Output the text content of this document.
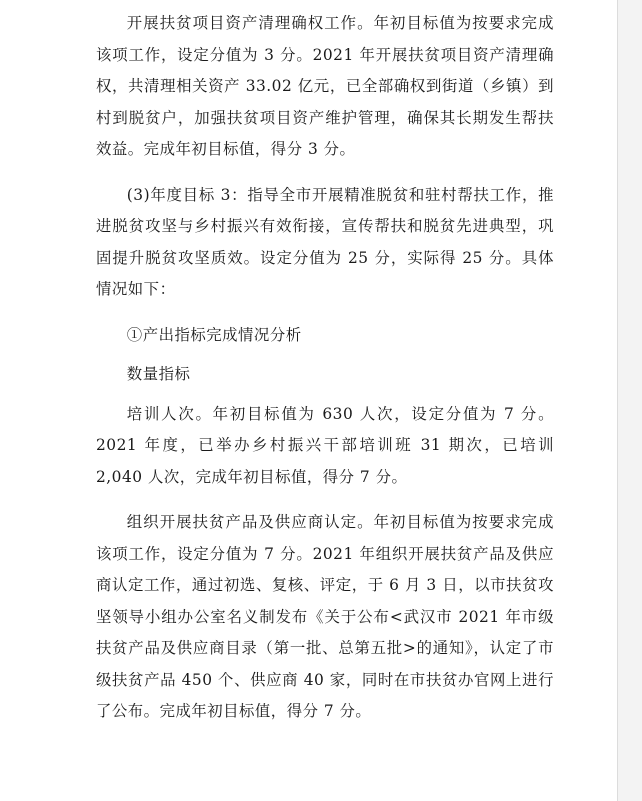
开展扶贫项目资产清理确权工作。年初目标值为按要求完成该项工作，设定分值为 3 分。2021 年开展扶贫项目资产清理确权，共清理相关资产 33.02 亿元，已全部确权到街道（乡镇）到村到脱贫户，加强扶贫项目资产维护管理，确保其长期发生帮扶效益。完成年初目标值，得分 3 分。

(3)年度目标 3：指导全市开展精准脱贫和驻村帮扶工作，推进脱贫攻坚与乡村振兴有效衔接，宣传帮扶和脱贫先进典型，巩固提升脱贫攻坚质效。设定分值为 25 分，实际得 25 分。具体情况如下：

①产出指标完成情况分析

数量指标

培训人次。年初目标值为 630 人次，设定分值为 7 分。2021 年度，已举办乡村振兴干部培训班 31 期次，已培训 2,040 人次，完成年初目标值，得分 7 分。

组织开展扶贫产品及供应商认定。年初目标值为按要求完成该项工作，设定分值为 7 分。2021 年组织开展扶贫产品及供应商认定工作，通过初选、复核、评定，于 6 月 3 日，以市扶贫攻坚领导小组办公室名义制发布《关于公布<武汉市 2021 年市级扶贫产品及供应商目录（第一批、总第五批>的通知》，认定了市级扶贫产品 450 个、供应商 40 家，同时在市扶贫办官网上进行了公布。完成年初目标值，得分 7 分。
